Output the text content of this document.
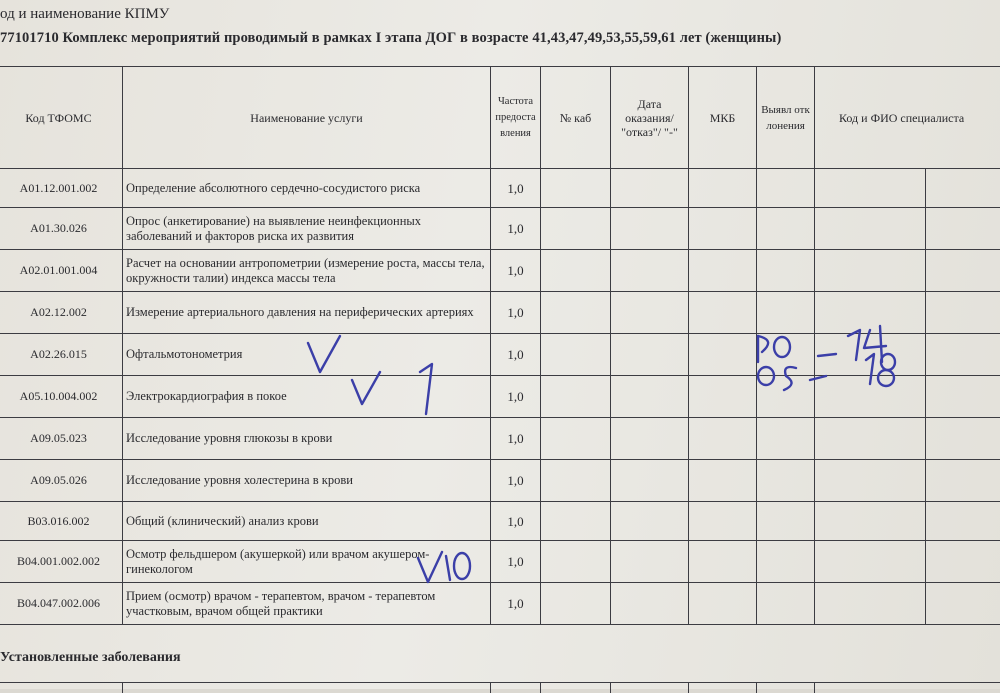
од и наименование КПМУ
77101710 Комплекс мероприятий проводимый в рамках I этапа ДОГ в возрасте 41,43,47,49,53,55,59,61 лет (женщины)
Код ТФОМС	Наименование услуги	Частота предоставления	№ каб	Дата оказания/ "отказ"/ "-"	МКБ	Выявл отклонения	Код и ФИО специалиста
A01.12.001.002	Определение абсолютного сердечно-сосудистого риска	1,0					

A01.30.026	Опрос (анкетирование) на выявление неинфекционных заболеваний и факторов риска их развития	1,0					

A02.01.001.004	Расчет на основании антропометрии (измерение роста, массы тела, окружности талии) индекса массы тела	1,0					

A02.12.002	Измерение артериального давления на периферических артериях	1,0					

A02.26.015	Офтальмотонометрия	1,0					

A05.10.004.002	Электрокардиография в покое	1,0					

A09.05.023	Исследование уровня глюкозы в крови	1,0					

A09.05.026	Исследование уровня холестерина в крови	1,0					

B03.016.002	Общий (клинический) анализ крови	1,0					

B04.001.002.002	Осмотр фельдшером (акушеркой) или врачом акушером-гинекологом	1,0					

B04.047.002.006	Прием (осмотр) врачом - терапевтом, врачом - терапевтом участковым, врачом общей практики	1,0					
Установленные заболевания
